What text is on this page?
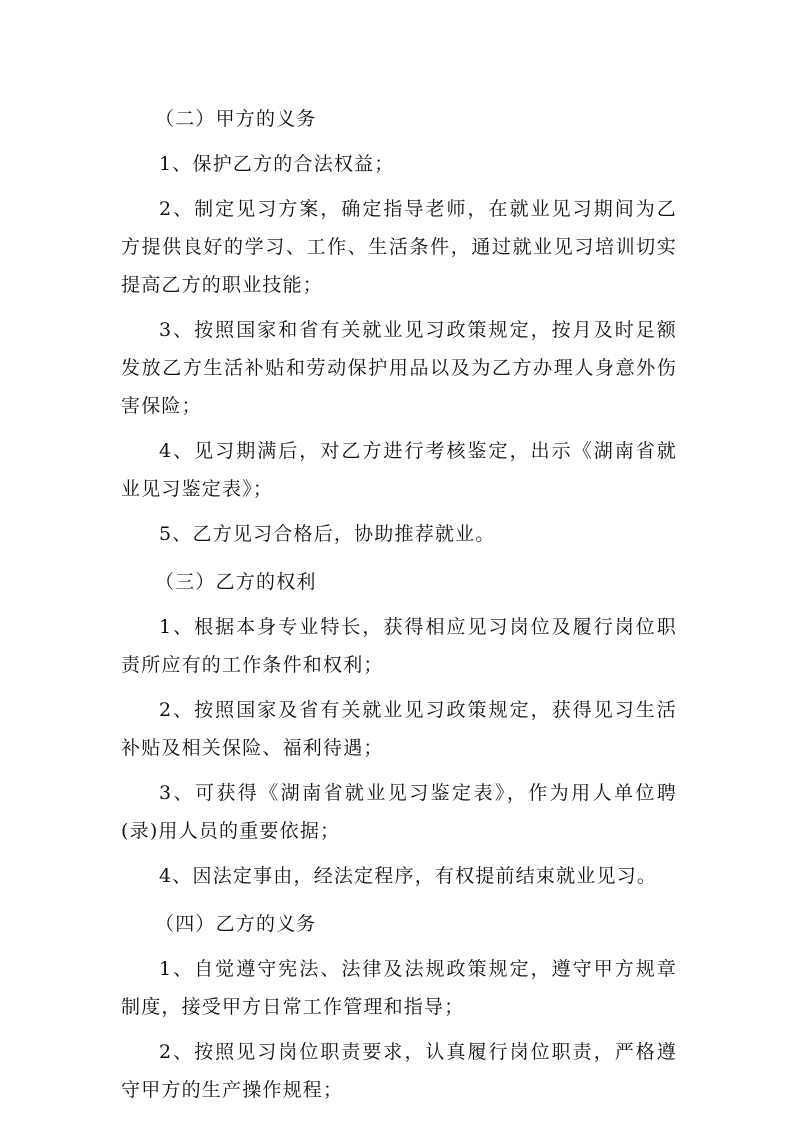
（二）甲方的义务

1、保护乙方的合法权益；

2、制定见习方案，确定指导老师，在就业见习期间为乙方提供良好的学习、工作、生活条件，通过就业见习培训切实提高乙方的职业技能；

3、按照国家和省有关就业见习政策规定，按月及时足额发放乙方生活补贴和劳动保护用品以及为乙方办理人身意外伤害保险；

4、见习期满后，对乙方进行考核鉴定，出示《湖南省就业见习鉴定表》；

5、乙方见习合格后，协助推荐就业。

（三）乙方的权利

1、根据本身专业特长，获得相应见习岗位及履行岗位职责所应有的工作条件和权利；

2、按照国家及省有关就业见习政策规定，获得见习生活补贴及相关保险、福利待遇；

3、可获得《湖南省就业见习鉴定表》，作为用人单位聘(录)用人员的重要依据；

4、因法定事由，经法定程序，有权提前结束就业见习。

（四）乙方的义务

1、自觉遵守宪法、法律及法规政策规定，遵守甲方规章制度，接受甲方日常工作管理和指导；

2、按照见习岗位职责要求，认真履行岗位职责，严格遵守甲方的生产操作规程；
